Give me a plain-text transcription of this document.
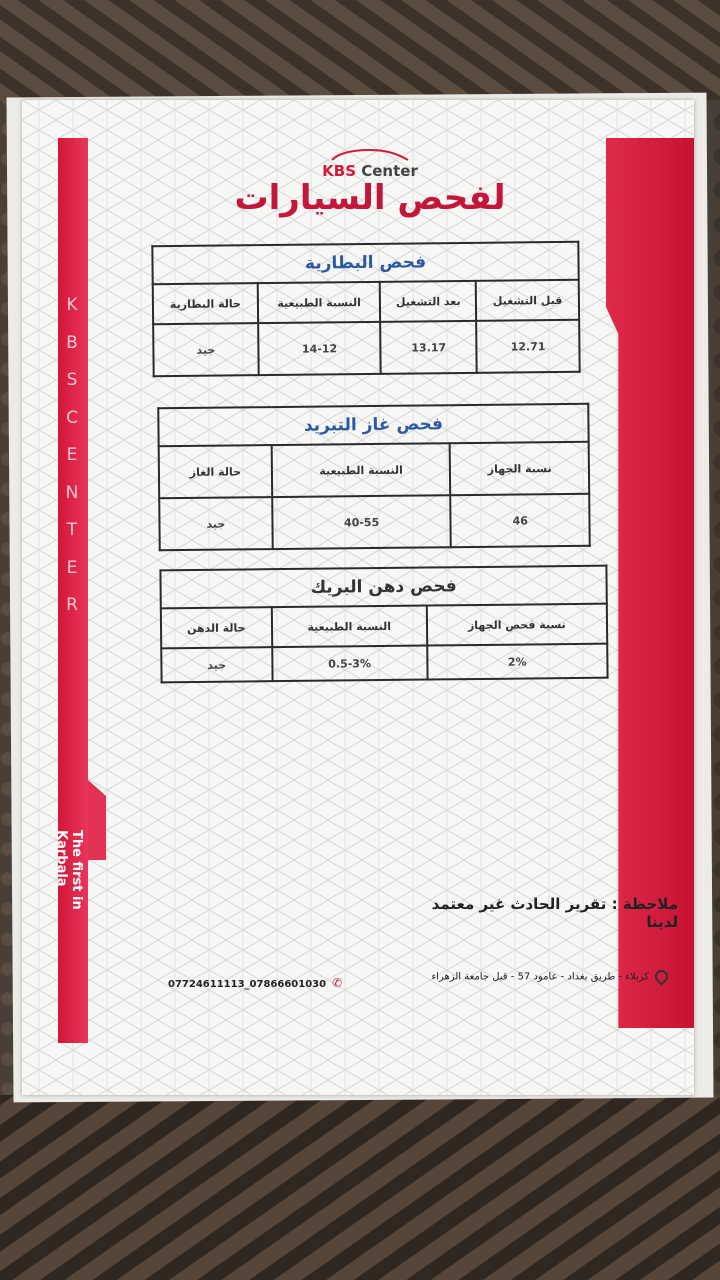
K
B
S
C
E
N
T
E
R
The first in Karbala
KBS Center
لفحص السيارات
فحص البطارية			
قبل التشغيل	بعد التشغيل	النسبة الطبيعية	حالة البطارية
12.71	13.17	14-12	جيد
فحص غاز التبريد		
نسبة الجهاز	النسبة الطبيعية	حالة الغاز
46	40-55	جيد
فحص دهن البريك		
نسبة فحص الجهاز	النسبة الطبيعية	حالة الدهن
2%	0.5-3%	جيد
ملاحظة : تقرير الحادث غير معتمد لدينا
كربلاء - طريق بغداد - عامود 57 - قبل جامعة الزهراء
07724611113_07866601030 ✆
